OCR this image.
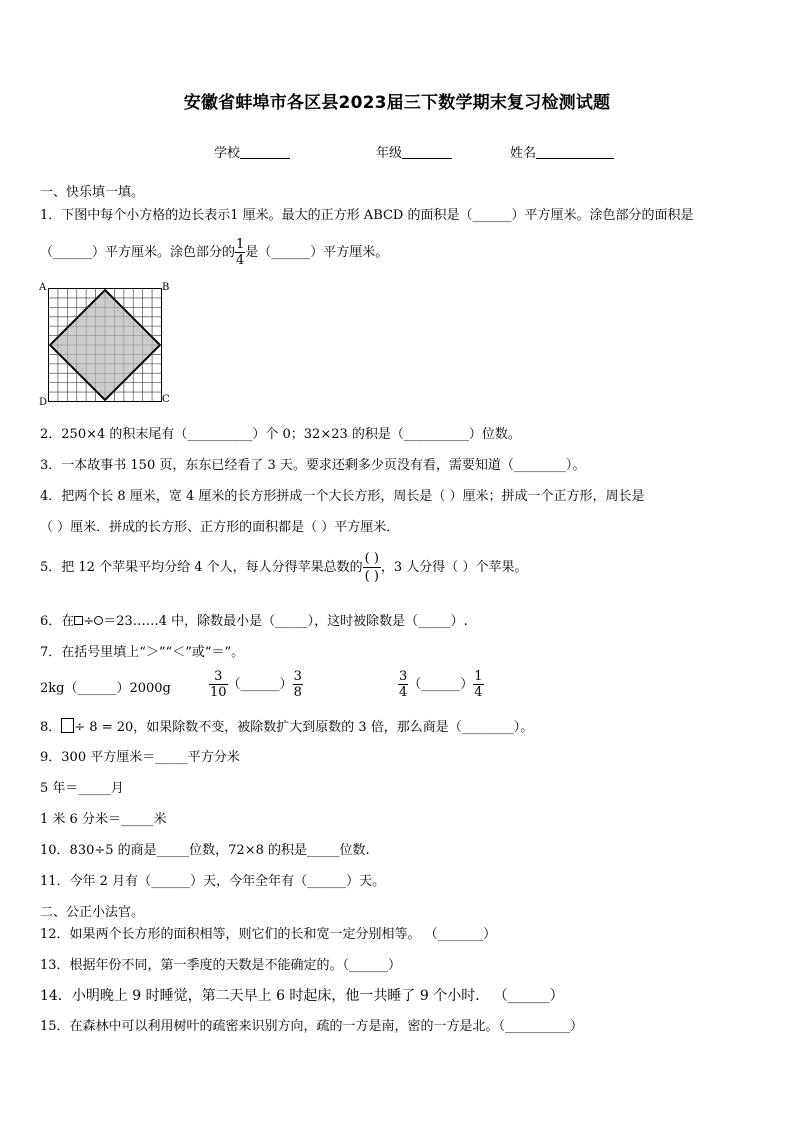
安徽省蚌埠市各区县2023届三下数学期末复习检测试题
学校	年级	姓名
一、快乐填一填。
1．下图中每个小方格的边长表示1 厘米。最大的正方形 ABCD 的面积是（______）平方厘米。涂色部分的面积是
（______）平方厘米。涂色部分的 $\frac{1}{4}$ 是（______）平方厘米。
A	B
C
D
2．250×4 的积末尾有（__________）个 0；32×23 的积是（__________）位数。
3．一本故事书 150 页，东东已经看了 3 天。要求还剩多少页没有看，需要知道（________）。
4．把两个长 8 厘米，宽 4 厘米的长方形拼成一个大长方形，周长是（ ）厘米；拼成一个正方形，周长是
（ ）厘米．拼成的长方形、正方形的面积都是（ ）平方厘米．
5．把 12 个苹果平均分给 4 个人，每人分得苹果总数的 $\frac{( )}{( )}$ ，3 人分得（ ）个苹果。
6．在 ÷ ＝23……4 中，除数最小是（_____），这时被除数是（_____）.
7．在括号里填上“＞”“＜”或“＝”。
2kg（______）2000g	$\frac{3}{10}$ （______） $\frac{3}{8}$	$\frac{3}{4}$ （______） $\frac{1}{4}$
8． ÷ 8 = 20，如果除数不变，被除数扩大到原数的 3 倍，那么商是（________）。
9．300 平方厘米＝_____平方分米
5 年＝_____月
1 米 6 分米＝_____米
10．830÷5 的商是_____位数，72×8 的积是_____位数.
11．今年 2 月有（______）天，今年全年有（______）天。
二、公正小法官。
12．如果两个长方形的面积相等，则它们的长和宽一定分别相等。 （_______）
13．根据年份不同，第一季度的天数是不能确定的。（______）
14．小明晚上 9 时睡觉，第二天早上 6 时起床，他一共睡了 9 个小时． （______）
15．在森林中可以利用树叶的疏密来识别方向，疏的一方是南，密的一方是北。（__________）
